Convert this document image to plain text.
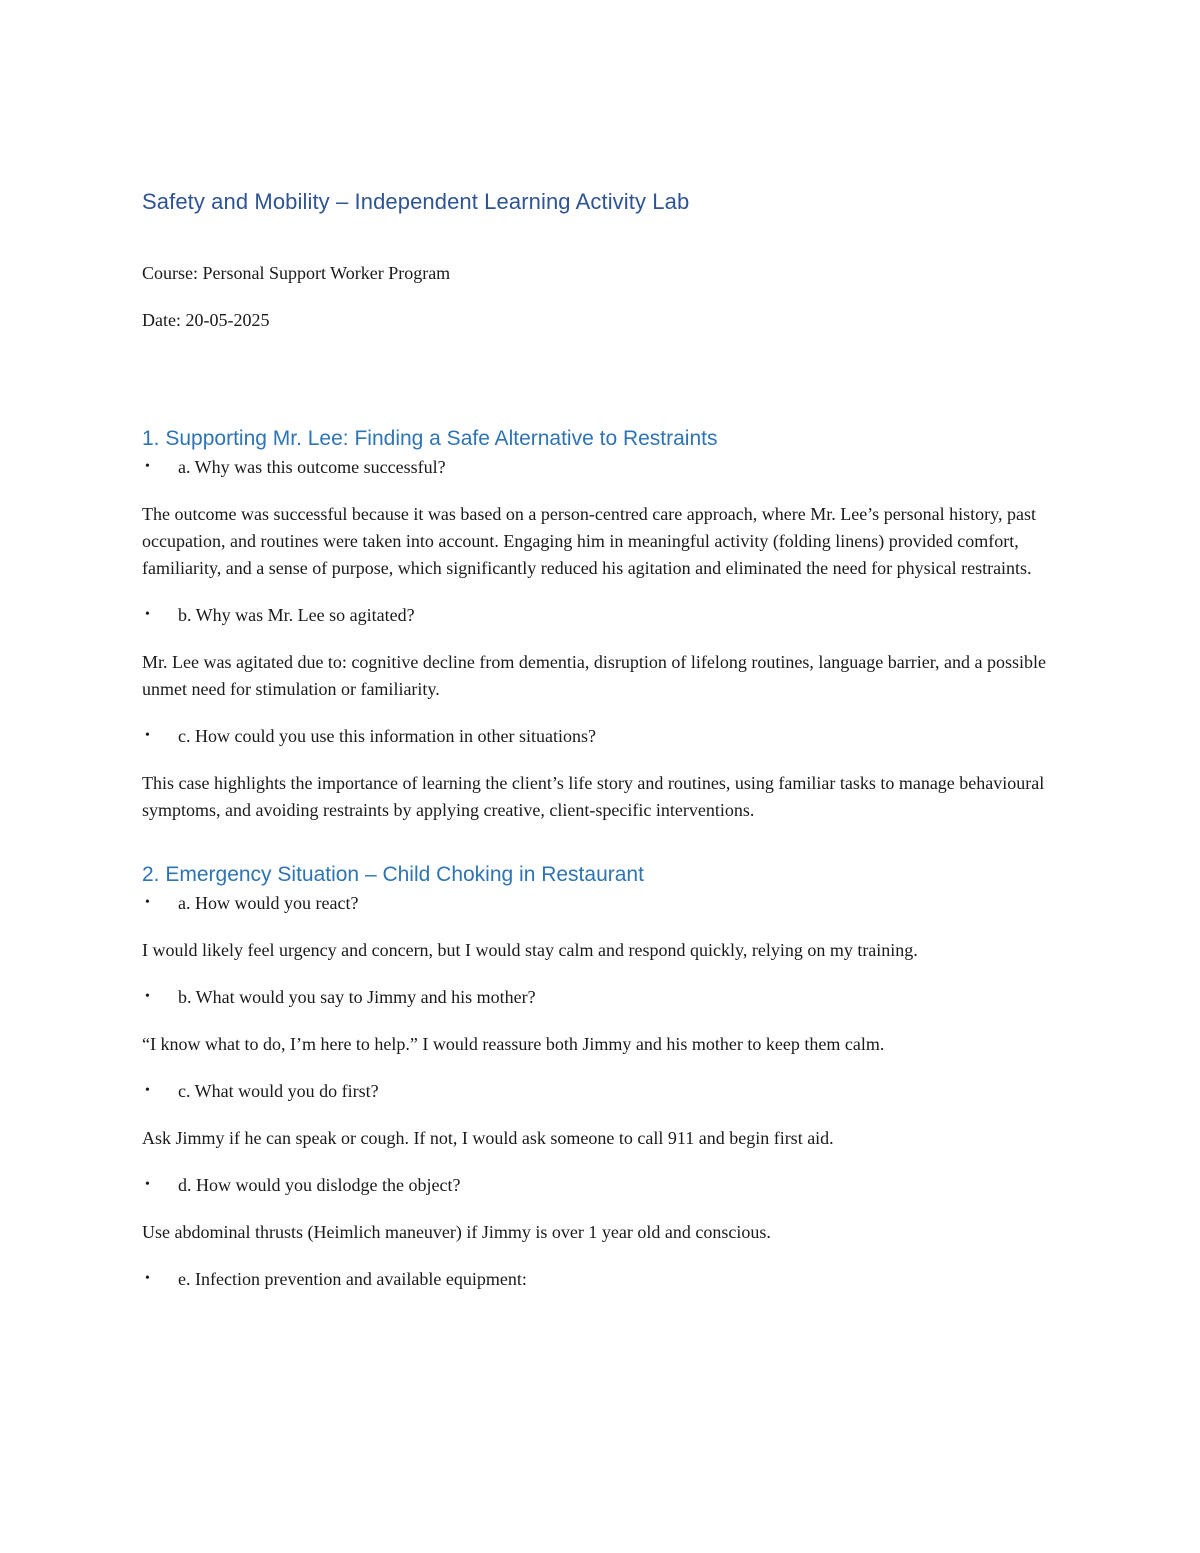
Safety and Mobility – Independent Learning Activity Lab

Course: Personal Support Worker Program

Date: 20-05-2025

1. Supporting Mr. Lee: Finding a Safe Alternative to Restraints
•	a. Why was this outcome successful?

The outcome was successful because it was based on a person-centred care approach, where Mr. Lee’s personal history, past occupation, and routines were taken into account. Engaging him in meaningful activity (folding linens) provided comfort, familiarity, and a sense of purpose, which significantly reduced his agitation and eliminated the need for physical restraints.

•	b. Why was Mr. Lee so agitated?

Mr. Lee was agitated due to: cognitive decline from dementia, disruption of lifelong routines, language barrier, and a possible unmet need for stimulation or familiarity.

•	c. How could you use this information in other situations?

This case highlights the importance of learning the client’s life story and routines, using familiar tasks to manage behavioural symptoms, and avoiding restraints by applying creative, client-specific interventions.

2. Emergency Situation – Child Choking in Restaurant
•	a. How would you react?

I would likely feel urgency and concern, but I would stay calm and respond quickly, relying on my training.

•	b. What would you say to Jimmy and his mother?

“I know what to do, I’m here to help.” I would reassure both Jimmy and his mother to keep them calm.

•	c. What would you do first?

Ask Jimmy if he can speak or cough. If not, I would ask someone to call 911 and begin first aid.

•	d. How would you dislodge the object?

Use abdominal thrusts (Heimlich maneuver) if Jimmy is over 1 year old and conscious.

•	e. Infection prevention and available equipment:
